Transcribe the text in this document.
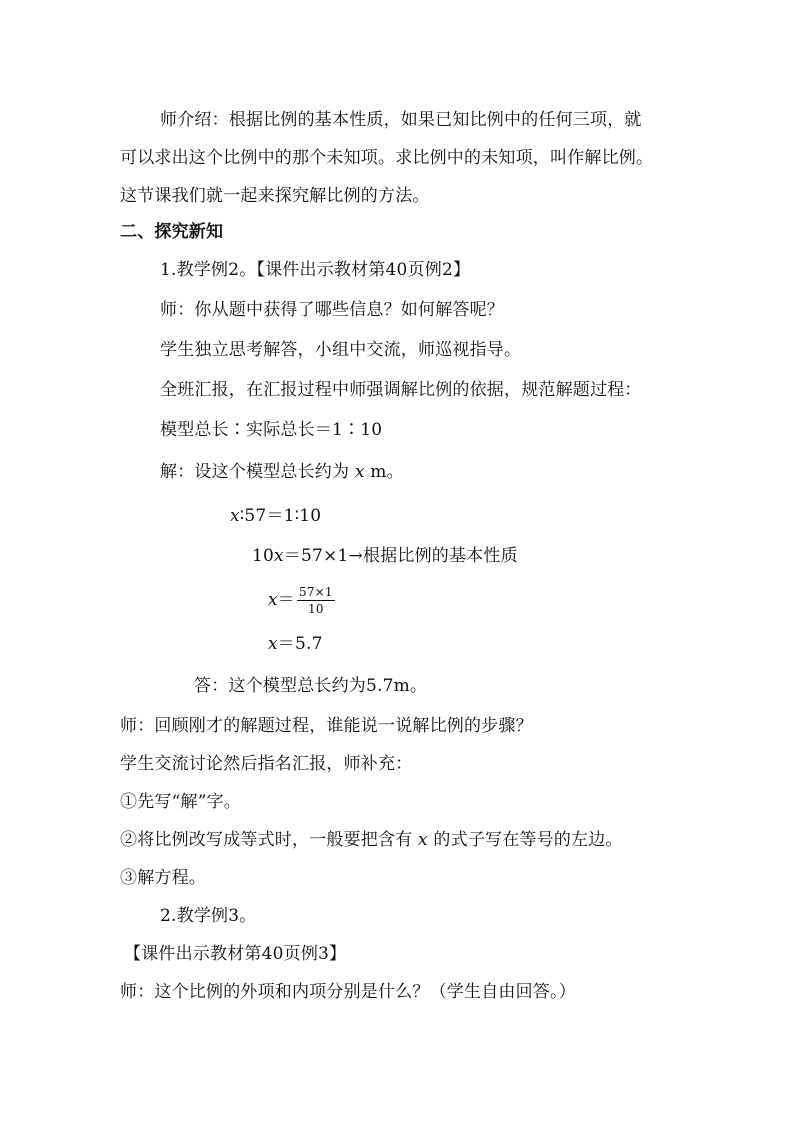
师介绍：根据比例的基本性质，如果已知比例中的任何三项，就
可以求出这个比例中的那个未知项。求比例中的未知项，叫作解比例。
这节课我们就一起来探究解比例的方法。
二、探究新知
1.教学例2。【课件出示教材第40页例2】
师：你从题中获得了哪些信息？如何解答呢？
学生独立思考解答，小组中交流，师巡视指导。
全班汇报，在汇报过程中师强调解比例的依据，规范解题过程：
模型总长∶实际总长＝1∶10
解：设这个模型总长约为 x m。
x∶57＝1∶10
10x＝57×1→根据比例的基本性质
$x= \frac{57\times 1}{10}$
x＝5.7
答：这个模型总长约为5.7m。
师：回顾刚才的解题过程，谁能说一说解比例的步骤？
学生交流讨论然后指名汇报，师补充：
①先写“解”字。
②将比例改写成等式时，一般要把含有 x 的式子写在等号的左边。
③解方程。
2.教学例3。
【课件出示教材第40页例3】
师：这个比例的外项和内项分别是什么？（学生自由回答。）
